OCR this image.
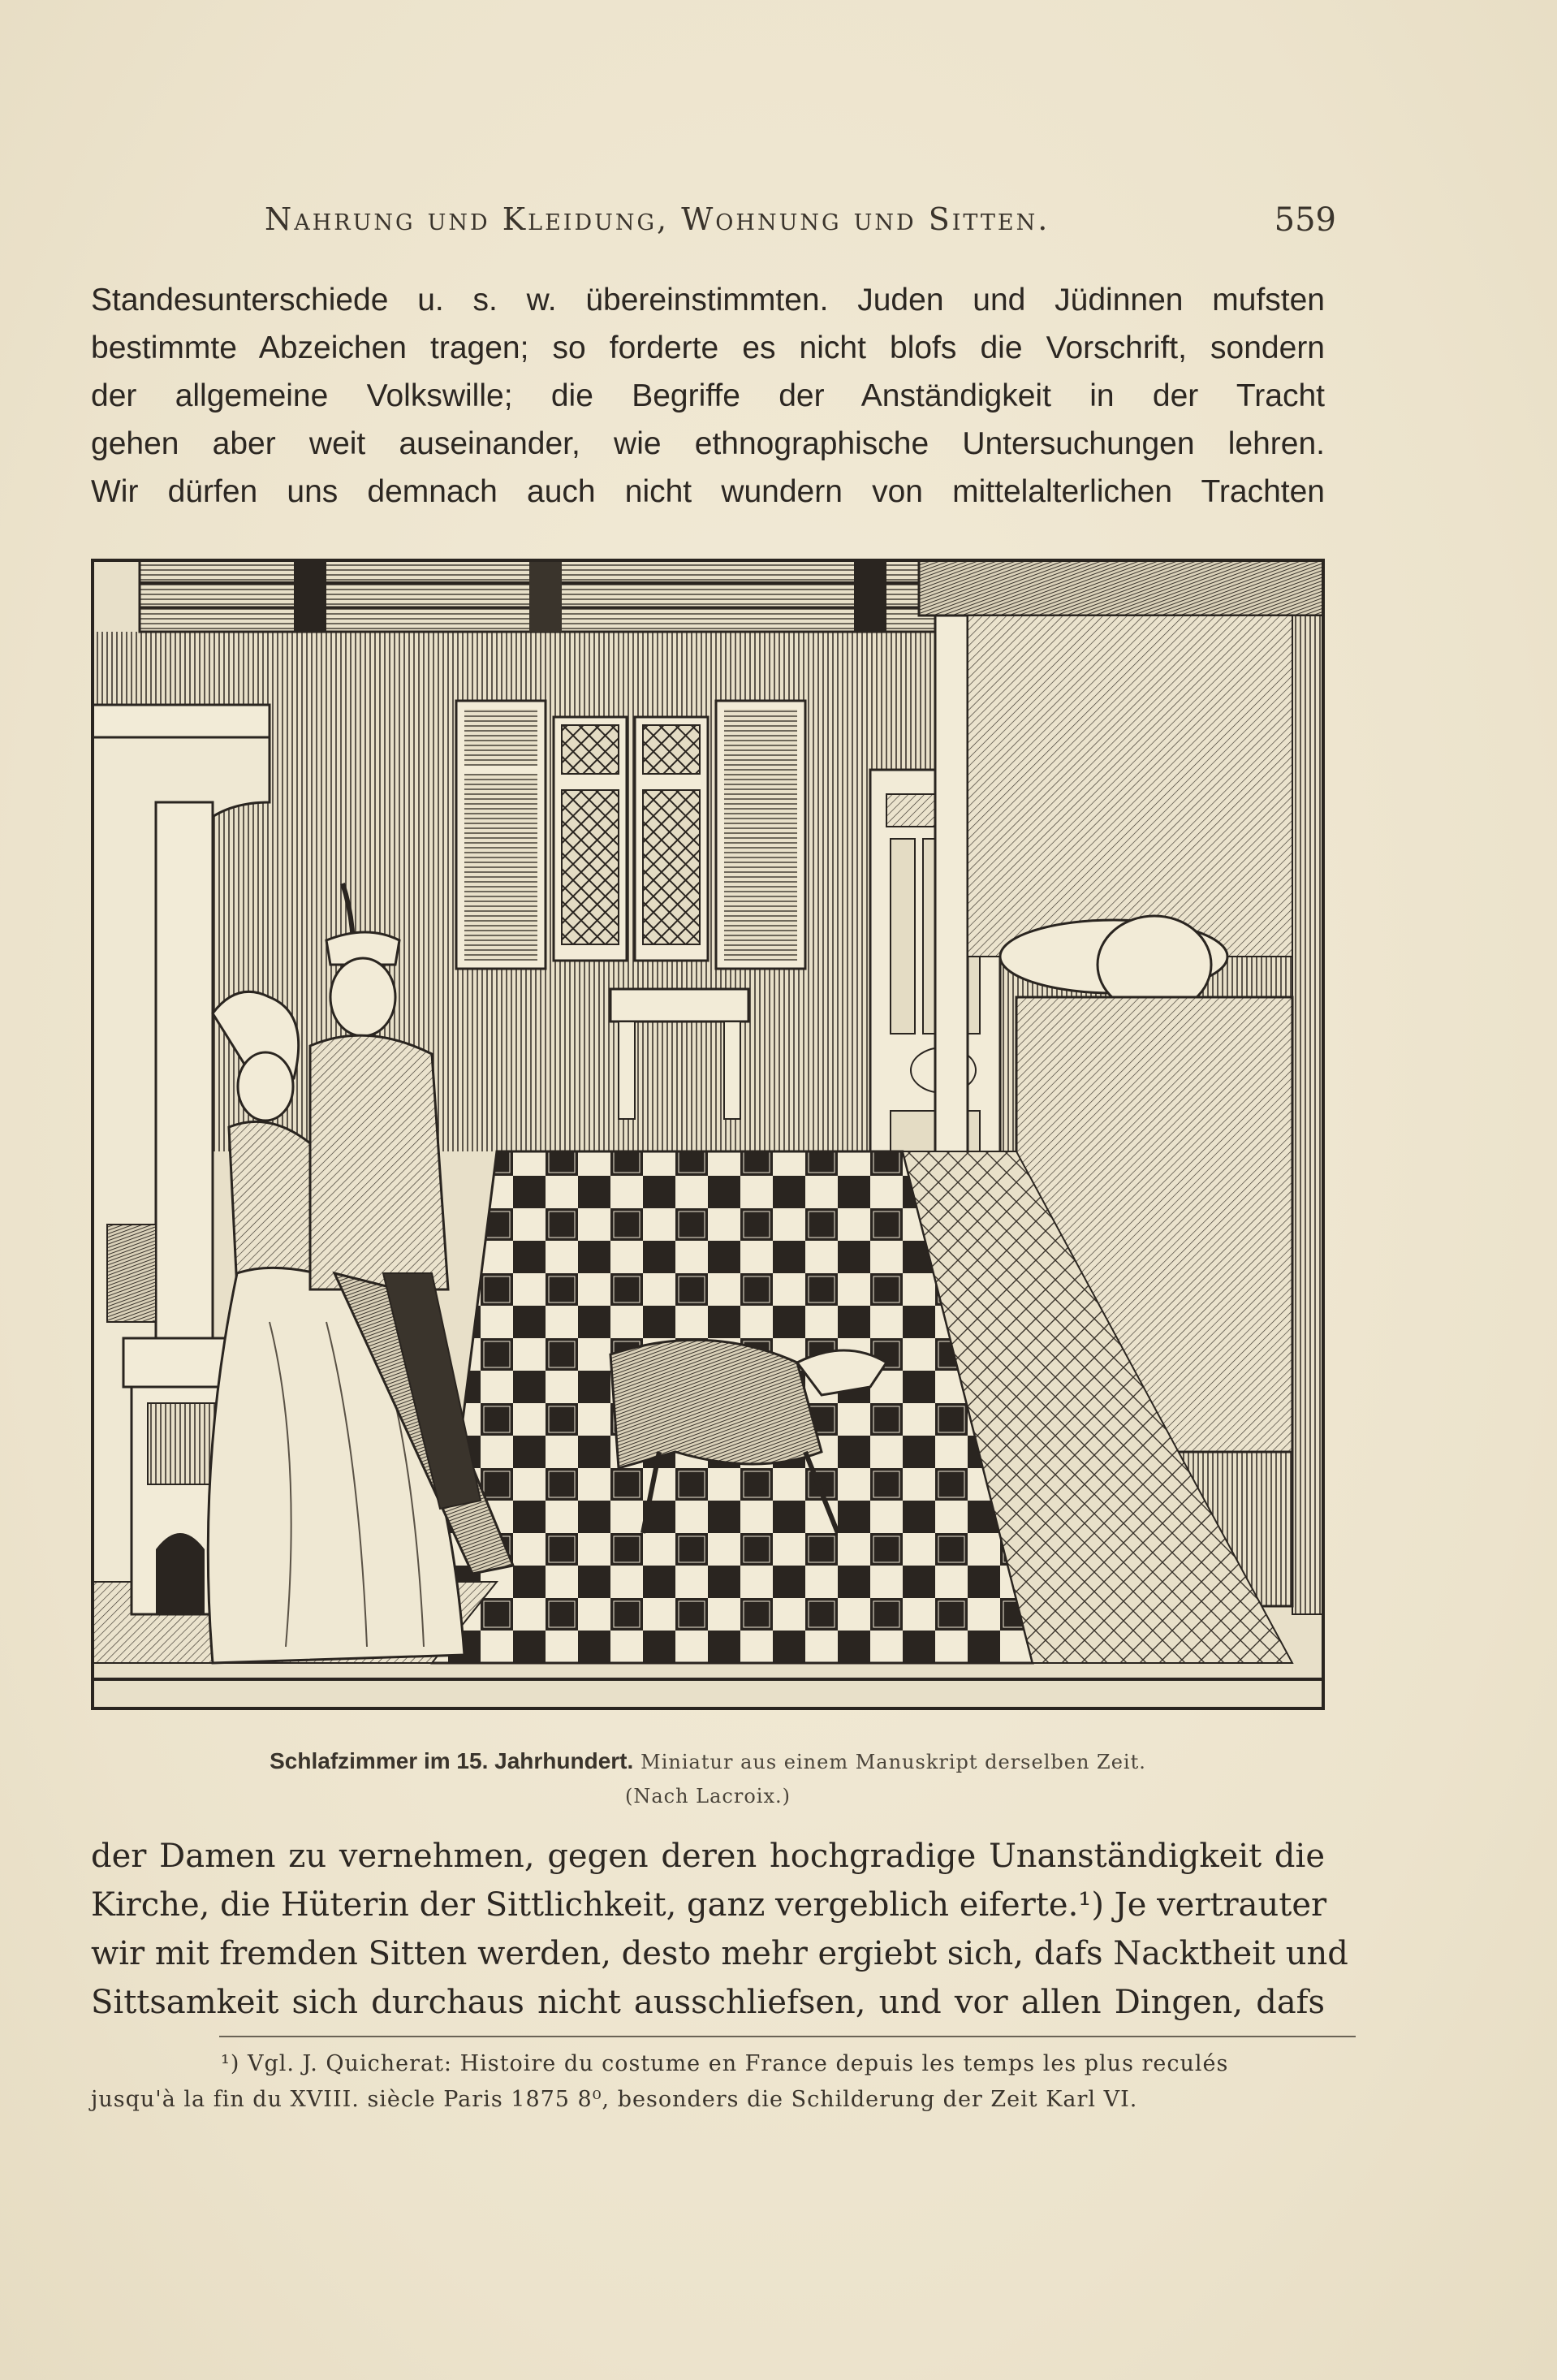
Nahrung und Kleidung, Wohnung und Sitten.	559
Standesunterschiede u. s. w. übereinstimmten. Juden und Jüdinnen mufsten
bestimmte Abzeichen tragen; so forderte es nicht blofs die Vorschrift, sondern
der allgemeine Volkswille; die Begriffe der Anständigkeit in der Tracht
gehen aber weit auseinander, wie ethnographische Untersuchungen lehren.
Wir dürfen uns demnach auch nicht wundern von mittelalterlichen Trachten
Schlafzimmer im 15. Jahrhundert. Miniatur aus einem Manuskript derselben Zeit.
(Nach Lacroix.)
der Damen zu vernehmen, gegen deren hochgradige Unanständigkeit die
Kirche, die Hüterin der Sittlichkeit, ganz vergeblich eiferte.¹) Je vertrauter
wir mit fremden Sitten werden, desto mehr ergiebt sich, dafs Nacktheit und
Sittsamkeit sich durchaus nicht ausschliefsen, und vor allen Dingen, dafs
¹) Vgl. J. Quicherat: Histoire du costume en France depuis les temps les plus reculés
jusqu'à la fin du XVIII. siècle Paris 1875 8⁰, besonders die Schilderung der Zeit Karl VI.
